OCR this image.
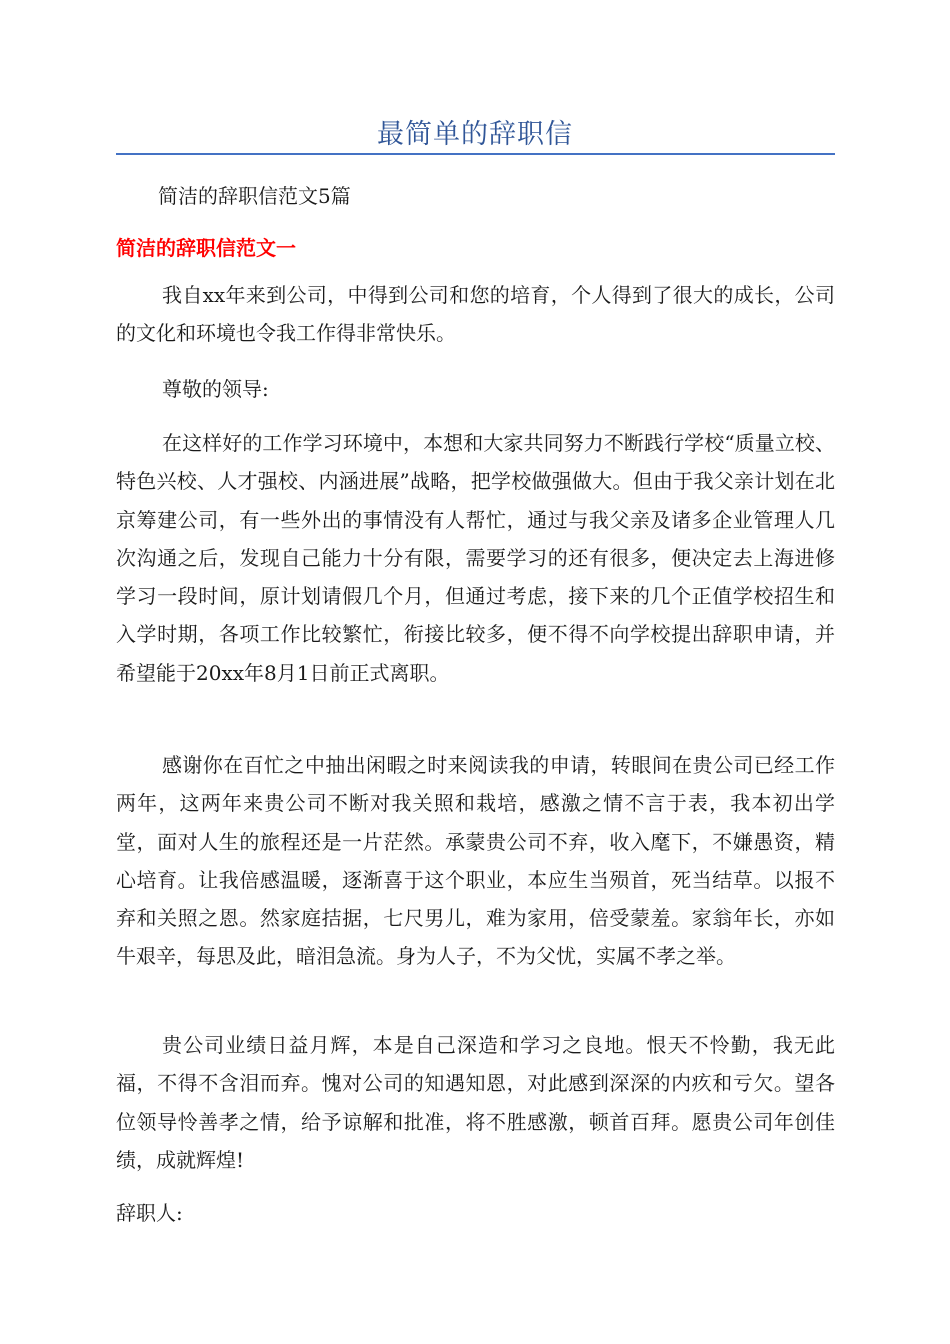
最简单的辞职信
简洁的辞职信范文5篇
简洁的辞职信范文一
我自xx年来到公司，中得到公司和您的培育，个人得到了很大的成长，公司的文化和环境也令我工作得非常快乐。
尊敬的领导:
在这样好的工作学习环境中，本想和大家共同努力不断践行学校“质量立校、特色兴校、人才强校、内涵进展”战略，把学校做强做大。但由于我父亲计划在北京筹建公司，有一些外出的事情没有人帮忙，通过与我父亲及诸多企业管理人几次沟通之后，发现自己能力十分有限，需要学习的还有很多，便决定去上海进修学习一段时间，原计划请假几个月，但通过考虑，接下来的几个正值学校招生和入学时期，各项工作比较繁忙，衔接比较多，便不得不向学校提出辞职申请，并希望能于20xx年8月1日前正式离职。
感谢你在百忙之中抽出闲暇之时来阅读我的申请，转眼间在贵公司已经工作两年，这两年来贵公司不断对我关照和栽培，感激之情不言于表，我本初出学堂，面对人生的旅程还是一片茫然。承蒙贵公司不弃，收入麾下，不嫌愚资，精心培育。让我倍感温暖，逐渐喜于这个职业，本应生当殒首，死当结草。以报不弃和关照之恩。然家庭拮据，七尺男儿，难为家用，倍受蒙羞。家翁年长，亦如牛艰辛，每思及此，暗泪急流。身为人子，不为父忧，实属不孝之举。
贵公司业绩日益月辉，本是自己深造和学习之良地。恨天不怜勤，我无此福，不得不含泪而弃。愧对公司的知遇知恩，对此感到深深的内疚和亏欠。望各位领导怜善孝之情，给予谅解和批准，将不胜感激，顿首百拜。愿贵公司年创佳绩，成就辉煌!
辞职人:
